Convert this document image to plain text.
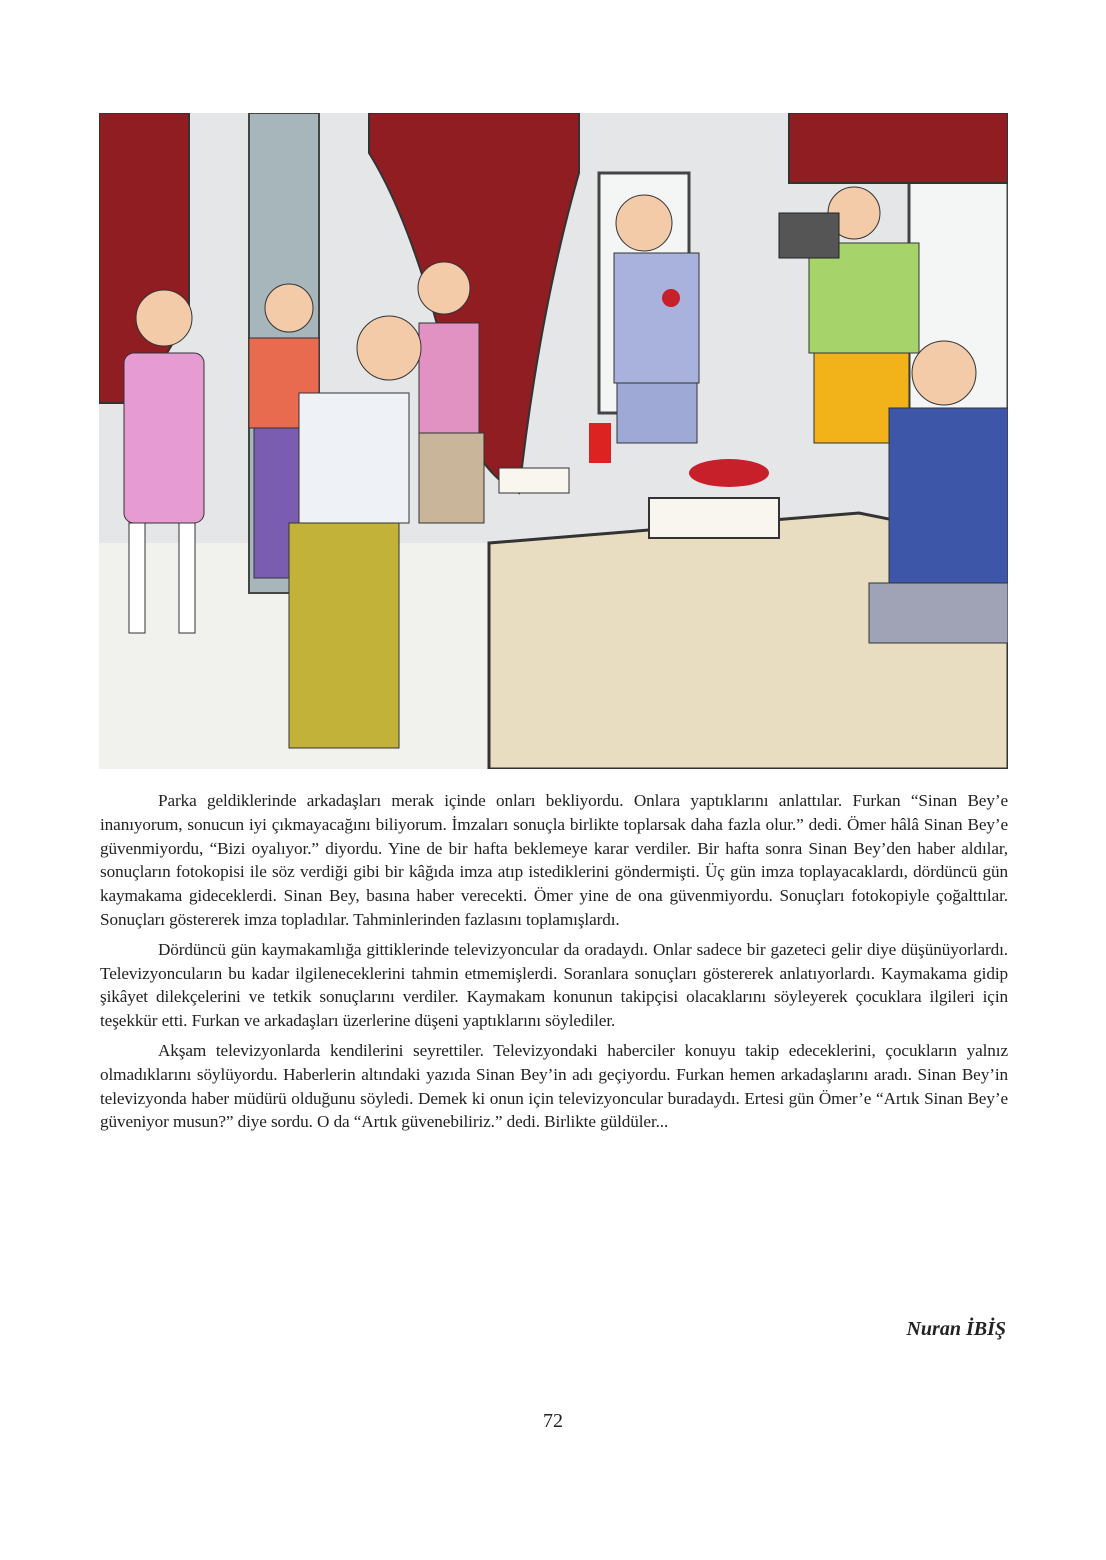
Parka geldiklerinde arkadaşları merak içinde onları bekliyordu. Onlara yaptıklarını anlattılar. Furkan “Sinan Bey’e inanıyorum, sonucun iyi çıkmayacağını biliyorum. İmzaları sonuçla birlikte toplarsak daha fazla olur.” dedi. Ömer hâlâ Sinan Bey’e güvenmiyordu, “Bizi oyalıyor.” diyordu. Yine de bir hafta beklemeye karar verdiler. Bir hafta sonra Sinan Bey’den haber aldılar, sonuçların fotokopisi ile söz verdiği gibi bir kâğıda imza atıp istediklerini göndermişti. Üç gün imza toplayacaklardı, dördüncü gün kaymakama gideceklerdi. Sinan Bey, basına haber verecekti. Ömer yine de ona güvenmiyordu. Sonuçları fotokopiyle çoğalttılar. Sonuçları göstererek imza topladılar. Tahminlerinden fazlasını toplamışlardı.

Dördüncü gün kaymakamlığa gittiklerinde televizyoncular da oradaydı. Onlar sadece bir gazeteci gelir diye düşünüyorlardı. Televizyoncuların bu kadar ilgileneceklerini tahmin etmemişlerdi. Soranlara sonuçları göstererek anlatıyorlardı. Kaymakama gidip şikâyet dilekçelerini ve tetkik sonuçlarını verdiler. Kaymakam konunun takipçisi olacaklarını söyleyerek çocuklara ilgileri için teşekkür etti. Furkan ve arkadaşları üzerlerine düşeni yaptıklarını söylediler.

Akşam televizyonlarda kendilerini seyrettiler. Televizyondaki haberciler konuyu takip edeceklerini, çocukların yalnız olmadıklarını söylüyordu. Haberlerin altındaki yazıda Sinan Bey’in adı geçiyordu. Furkan hemen arkadaşlarını aradı. Sinan Bey’in televizyonda haber müdürü olduğunu söyledi. Demek ki onun için televizyoncular buradaydı. Ertesi gün Ömer’e “Artık Sinan Bey’e güveniyor musun?” diye sordu. O da “Artık güvenebiliriz.” dedi. Birlikte güldüler...

Nuran İBİŞ
72
